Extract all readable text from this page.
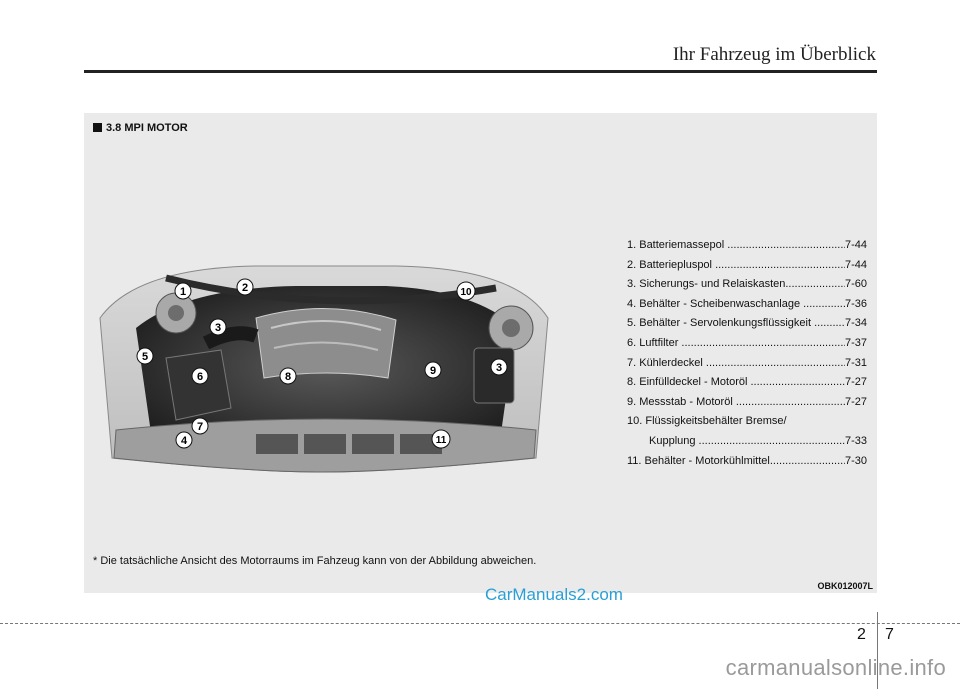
Ihr Fahrzeug im Überblick
3.8 MPI MOTOR
1	2	10
3
5
6	8	9	3
4	11
7
1. Batteriemassepol .....	7-44
2. Batteriepluspol .....	7-44
3. Sicherungs- und Relaiskasten .....	7-60
4. Behälter - Scheibenwaschanlage .....	7-36
5. Behälter - Servolenkungsflüssigkeit .....	7-34
6. Luftfilter .....	7-37
7. Kühlerdeckel .....	7-31
8. Einfülldeckel - Motoröl .....	7-27
9. Messstab - Motoröl .....	7-27
10. Flüssigkeitsbehälter Bremse/
Kupplung .....	7-33
11. Behälter - Motorkühlmittel .....	7-30
* Die tatsächliche Ansicht des Motorraums im Fahzeug kann von der Abbildung abweichen.
OBK012007L
CarManuals2.com
2 7
carmanualsonline.info
